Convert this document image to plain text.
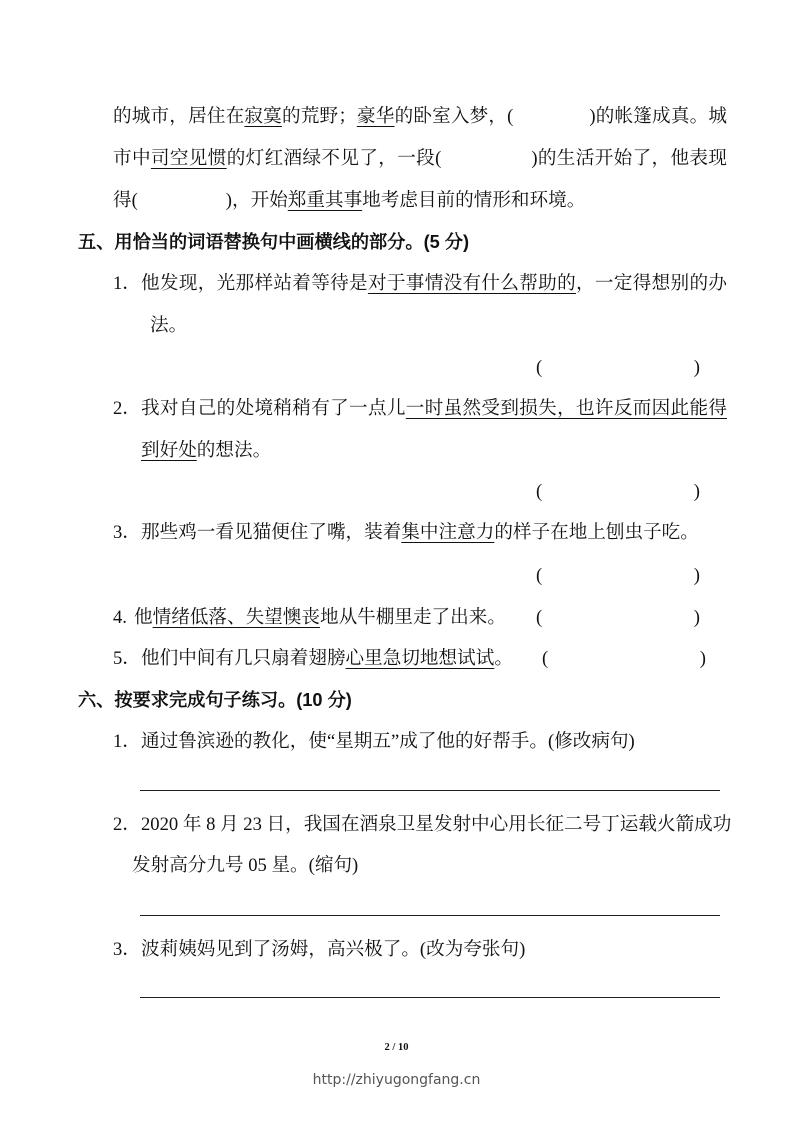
的城市，居住在寂寞的荒野；豪华的卧室入梦，(	)的帐篷成真。城
市中司空见惯的灯红酒绿不见了，一段(	)的生活开始了，他表现
得(	)，开始郑重其事地考虑目前的情形和环境。
五、用恰当的词语替换句中画横线的部分。(5 分)
1． 他发现，光那样站着等待是对于事情没有什么帮助的，一定得想别的办
法。
(	)
2． 我对自己的处境稍稍有了一点儿一时虽然受到损失，也许反而因此能得
到好处的想法。
(	)
3． 那些鸡一看见猫便住了嘴，装着集中注意力的样子在地上刨虫子吃。
(	)
4. 他情绪低落、失望懊丧地从牛棚里走了出来。 (	)
5． 他们中间有几只扇着翅膀心里急切地想试试。 (	)
六、按要求完成句子练习。(10 分)
1． 通过鲁滨逊的教化，使“星期五”成了他的好帮手。(修改病句)
2． 2020 年 8 月 23 日，我国在酒泉卫星发射中心用长征二号丁运载火箭成功
发射高分九号 05 星。(缩句)
3． 波莉姨妈见到了汤姆，高兴极了。(改为夸张句)
2 / 10
http://zhiyugongfang.cn
